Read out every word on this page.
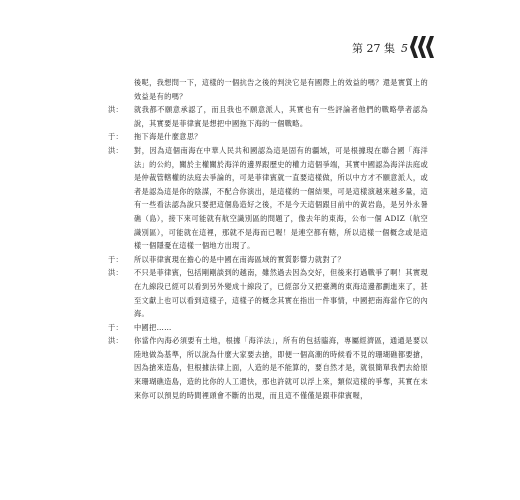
第 27 集 5
後呢，我想問一下，這樣的一個抗告之後的判決它是有國際上的效益的嗎？還是實質上的效益是有的嗎？
洪：	就我都不願意承認了，而且我也不願意派人，其實也有一些評論者他們的戰略學者認為說，其實要是菲律賓是想把中國拖下海的一個戰略。
于：	拖下海是什麼意思？
洪：	對，因為這個南海在中華人民共和國認為這是固有的疆域，可是根據現在聯合國「海洋法」的公約，關於主權關於海洋的邊界跟歷史的權力這個爭端，其實中國認為海洋法庭或是仲裁管轄權的法庭去爭論的，可是菲律賓就一直要這樣做，所以中方才不願意派人，或者是認為這是你的陰謀，不配合你演出，是這樣的一個結果，可是這樣演越來越多量，這有一些看法認為說只要把這個島造好之後，不是今天這個跟目前中的黃岩島，是另外永暑礁（島），接下來可能就有航空識別區的問題了，像去年的東海，公布一個 ADIZ（航空識別區），可能就在這裡，那就不是海而已喔！是連空都有轄，所以這樣一個概念或是這樣一個隱憂在這樣一個地方出現了。
于：	所以菲律賓現在擔心的是中國在南海區域的實質影響力就對了？
洪：	不只是菲律賓，包括剛剛談到的越南，雖然過去因為交好，但後來打過戰爭了啊！其實現在九線段已經可以看到另外變成十線段了，已經部分又把臺灣的東海這邊都劃進來了，甚至文獻上也可以看到這樣子，這樣子的概念其實在指出一件事情，中國把南海當作它的內海。
于：	中國把……
洪：	你當作內海必須要有土地，根據「海洋法」，所有的包括臨海，專屬經濟區，通通是要以陸地做為基準，所以說為什麼大家要去搶，即便一個高潮的時候看不見的珊瑚礁都要搶，因為搶來造島，但根據法律上面，人造的是不能算的，要自然才是，就很簡單我們去給原來珊瑚礁造島，造的比你的人工還快，那也許就可以浮上來，類似這樣的爭奪，其實在未來你可以預見的時間裡頭會不斷的出現，而且這不僅僅是跟菲律賓喔，
